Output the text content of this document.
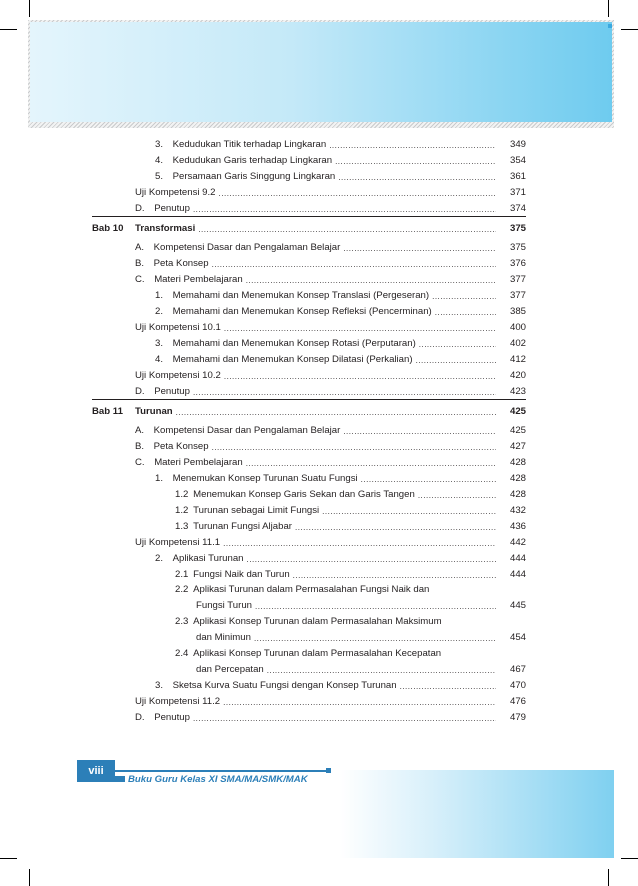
3. Kedudukan Titik terhadap Lingkaran .....	349
4. Kedudukan Garis terhadap Lingkaran .....	354
5. Persamaan Garis Singgung Lingkaran .....	361
Uji Kompetensi 9.2 .....	371
D. Penutup .....	374
Bab 10 Transformasi .....	375
A. Kompetensi Dasar dan Pengalaman Belajar .....	375
B. Peta Konsep .....	376
C. Materi Pembelajaran .....	377
1. Memahami dan Menemukan Konsep Translasi (Pergeseran) .....	377
2. Memahami dan Menemukan Konsep Refleksi (Pencerminan) .....	385
Uji Kompetensi 10.1 .....	400
3. Memahami dan Menemukan Konsep Rotasi (Perputaran) .....	402
4. Memahami dan Menemukan Konsep Dilatasi (Perkalian) .....	412
Uji Kompetensi 10.2 .....	420
D. Penutup .....	423
Bab 11 Turunan .....	425
A. Kompetensi Dasar dan Pengalaman Belajar .....	425
B. Peta Konsep .....	427
C. Materi Pembelajaran .....	428
1. Menemukan Konsep Turunan Suatu Fungsi .....	428
1.2 Menemukan Konsep Garis Sekan dan Garis Tangen .....	428
1.2 Turunan sebagai Limit Fungsi .....	432
1.3 Turunan Fungsi Aljabar .....	436
Uji Kompetensi 11.1 .....	442
2. Aplikasi Turunan .....	444
2.1 Fungsi Naik dan Turun .....	444
2.2 Aplikasi Turunan dalam Permasalahan Fungsi Naik dan
Fungsi Turun .....	445
2.3 Aplikasi Konsep Turunan dalam Permasalahan Maksimum
dan Minimun .....	454
2.4 Aplikasi Konsep Turunan dalam Permasalahan Kecepatan
dan Percepatan .....	467
3. Sketsa Kurva Suatu Fungsi dengan Konsep Turunan .....	470
Uji Kompetensi 11.2 .....	476
D. Penutup .....	479
viii
Buku Guru Kelas XI SMA/MA/SMK/MAK
